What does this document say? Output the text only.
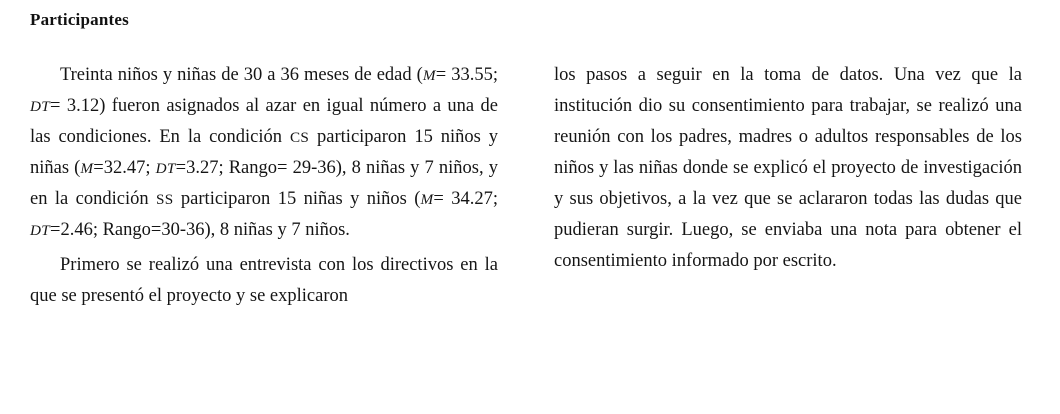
Participantes

Treinta niños y niñas de 30 a 36 meses de edad (M= 33.55; DT= 3.12) fueron asignados al azar en igual número a una de las condiciones. En la condición CS participaron 15 niños y niñas (M=32.47; DT=3.27; Rango= 29-36), 8 niñas y 7 niños, y en la condición SS participaron 15 niñas y niños (M= 34.27; DT=2.46; Rango=30-36), 8 niñas y 7 niños.

Primero se realizó una entrevista con los directivos en la que se presentó el proyecto y se explicaron

los pasos a seguir en la toma de datos. Una vez que la institución dio su consentimiento para trabajar, se realizó una reunión con los padres, madres o adultos responsables de los niños y las niñas donde se explicó el proyecto de investigación y sus objetivos, a la vez que se aclararon todas las dudas que pudieran surgir. Luego, se enviaba una nota para obtener el consentimiento informado por escrito.
